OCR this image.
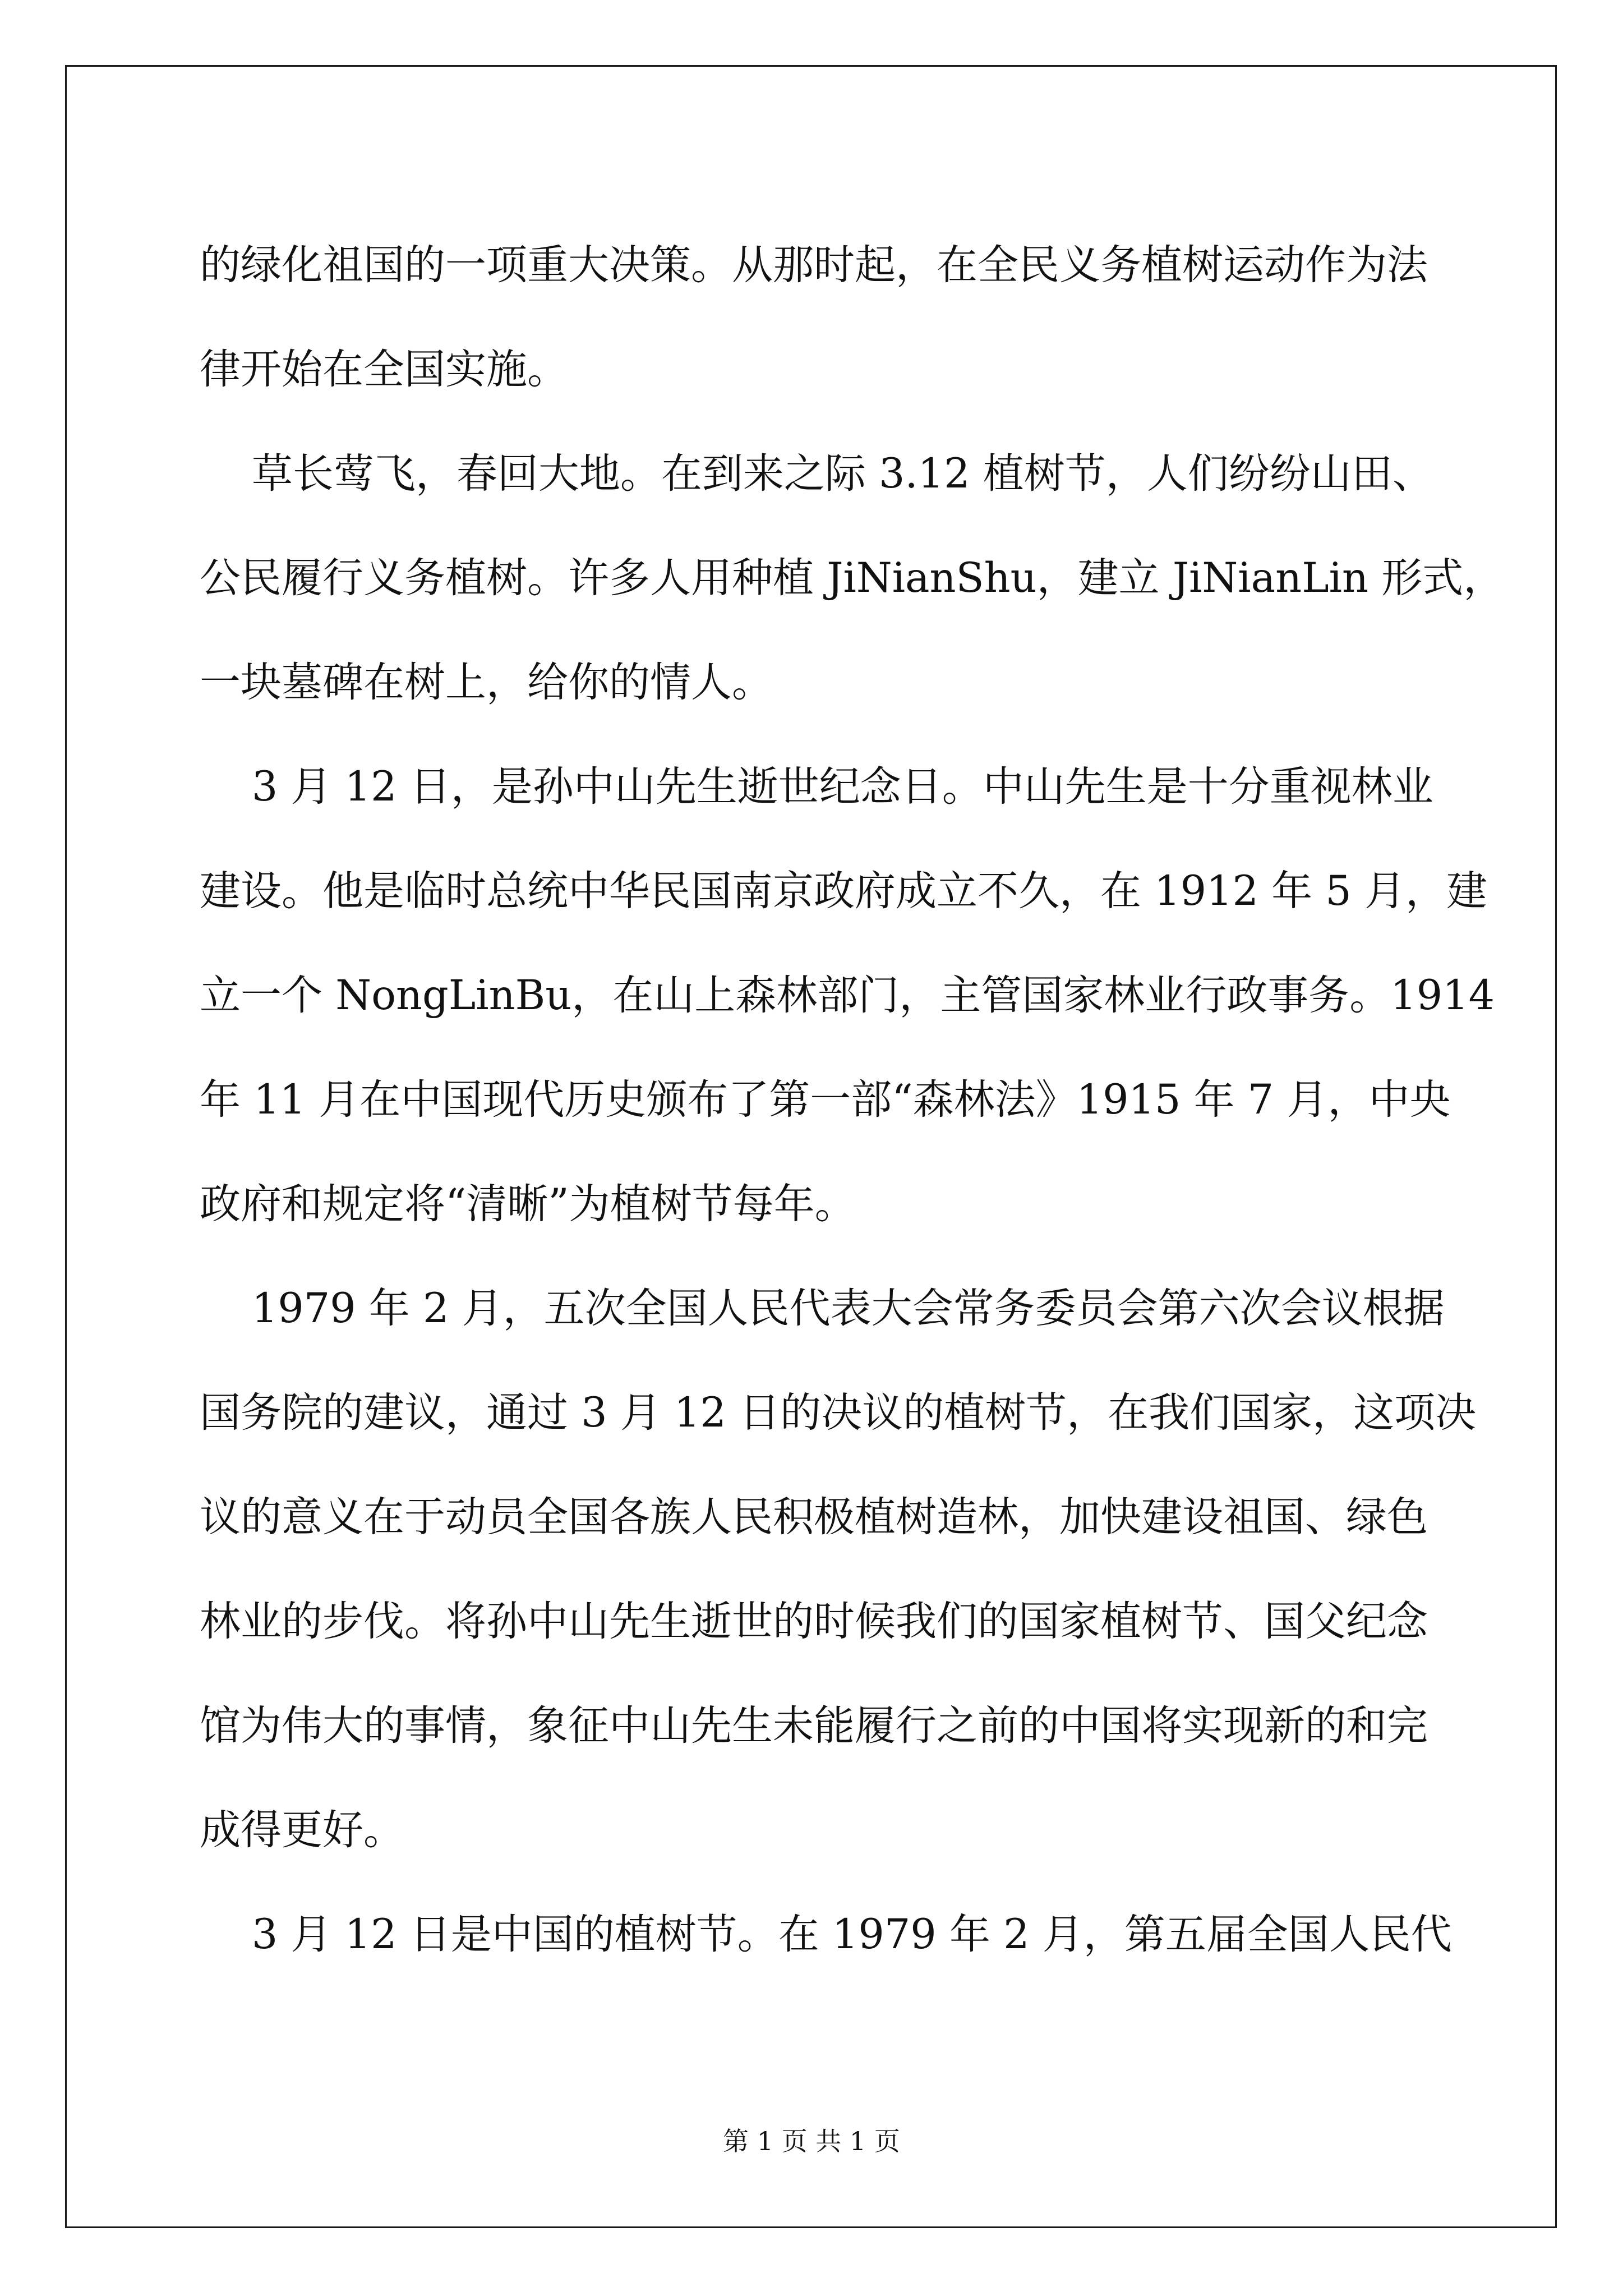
的绿化祖国的一项重大决策。从那时起，在全民义务植树运动作为法
律开始在全国实施。
草长莺飞，春回大地。在到来之际 3.12 植树节，人们纷纷山田、
公民履行义务植树。许多人用种植 JiNianShu，建立 JiNianLin 形式，
一块墓碑在树上，给你的情人。
3 月 12 日，是孙中山先生逝世纪念日。中山先生是十分重视林业
建设。他是临时总统中华民国南京政府成立不久，在 1912 年 5 月，建
立一个 NongLinBu，在山上森林部门，主管国家林业行政事务。1914
年 11 月在中国现代历史颁布了第一部“森林法》1915 年 7 月，中央
政府和规定将“清晰”为植树节每年。
1979 年 2 月，五次全国人民代表大会常务委员会第六次会议根据
国务院的建议，通过 3 月 12 日的决议的植树节，在我们国家，这项决
议的意义在于动员全国各族人民积极植树造林，加快建设祖国、绿色
林业的步伐。将孙中山先生逝世的时候我们的国家植树节、国父纪念
馆为伟大的事情，象征中山先生未能履行之前的中国将实现新的和完
成得更好。
3 月 12 日是中国的植树节。在 1979 年 2 月，第五届全国人民代
第 1 页 共 1 页
